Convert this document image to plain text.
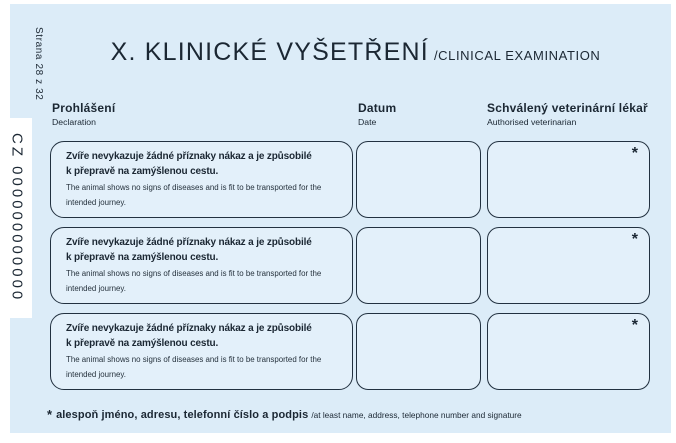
Strana 28 z 32
CZ 000000000000
X. KLINICKÉ VYŠETŘENÍ /CLINICAL EXAMINATION
Prohlášení
Declaration
Datum
Date
Schválený veterinární lékař
Authorised veterinarian
Zvíře nevykazuje žádné příznaky nákaz a je způsobilé
k přepravě na zamýšlenou cestu.
The animal shows no signs of diseases and is fit to be transported for the
intended journey.
*
Zvíře nevykazuje žádné příznaky nákaz a je způsobilé
k přepravě na zamýšlenou cestu.
The animal shows no signs of diseases and is fit to be transported for the
intended journey.
*
Zvíře nevykazuje žádné příznaky nákaz a je způsobilé
k přepravě na zamýšlenou cestu.
The animal shows no signs of diseases and is fit to be transported for the
intended journey.
*
* alespoň jméno, adresu, telefonní číslo a podpis /at least name, address, telephone number and signature
